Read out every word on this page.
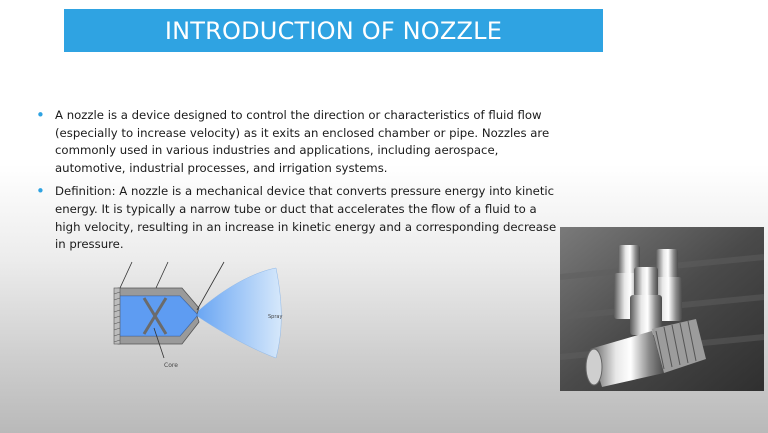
INTRODUCTION OF NOZZLE
• A nozzle is a device designed to control the direction or characteristics of fluid flow (especially to increase velocity) as it exits an enclosed chamber or pipe. Nozzles are commonly used in various industries and applications, including aerospace, automotive, industrial processes, and irrigation systems.
• Definition: A nozzle is a mechanical device that converts pressure energy into kinetic energy. It is typically a narrow tube or duct that accelerates the flow of a fluid to a high velocity, resulting in an increase in kinetic energy and a corresponding decrease in pressure.
Core
Spray
